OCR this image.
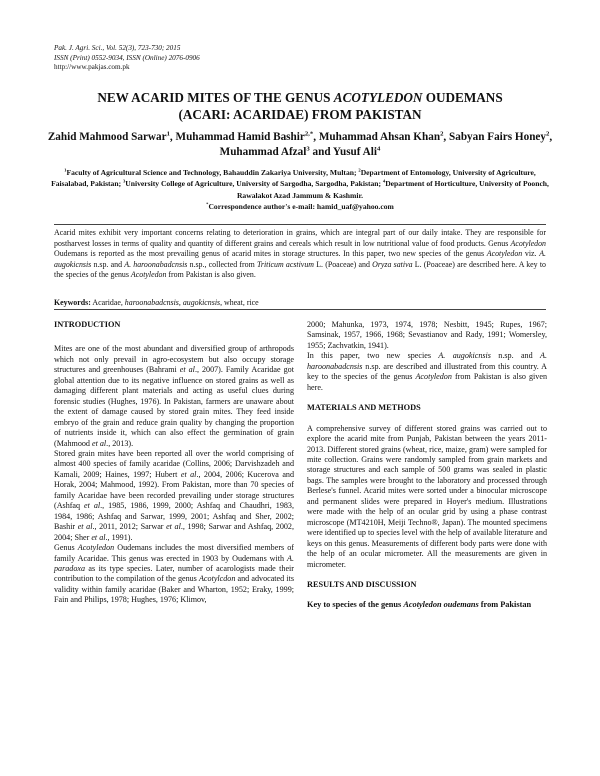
Pak. J. Agri. Sci., Vol. 52(3), 723-730; 2015
ISSN (Print) 0552-9034, ISSN (Online) 2076-0906
http://www.pakjas.com.pk
NEW ACARID MITES OF THE GENUS ACOTYLEDON OUDEMANS
(ACARI: ACARIDAE) FROM PAKISTAN
Zahid Mahmood Sarwar$^1$, Muhammad Hamid Bashir$^{2,*}$, Muhammad Ahsan Khan$^2$, Sabyan Fairs Honey$^2$, Muhammad Afzal$^3$ and Yusuf Ali$^4$
$^1$Faculty of Agricultural Science and Technology, Bahauddin Zakariya University, Multan; $^2$Department of Entomology, University of Agriculture, Faisalabad, Pakistan; $^3$University College of Agriculture, University of Sargodha, Sargodha, Pakistan; $^4$Department of Horticulture, University of Poonch, Rawalakot Azad Jammum & Kashmir.
*Correspondence author's e-mail: hamid_uaf@yahoo.com
Acarid mites exhibit very important concerns relating to deterioration in grains, which are integral part of our daily intake. They are responsible for postharvest losses in terms of quality and quantity of different grains and cereals which result in low nutritional value of food products. Genus Acotyledon Oudemans is reported as the most prevailing genus of acarid mites in storage structures. In this paper, two new species of the genus Acotyledon viz. A. augokicnsis n.sp. and A. haroonabadcnsis n.sp., collected from Triticum acstivum L. (Poaceae) and Oryza sativa L. (Poaceae) are described here. A key to the species of the genus Acotyledon from Pakistan is also given.
Keywords: Acaridae, haroonabadcnsis, augokicnsis, wheat, rice

INTRODUCTION

Mites are one of the most abundant and diversified group of arthropods which not only prevail in agro-ecosystem but also occupy storage structures and greenhouses (Bahrami et al., 2007). Family Acaridae got global attention due to its negative influence on stored grains as well as damaging different plant materials and acting as useful clues during forensic studies (Hughes, 1976). In Pakistan, farmers are unaware about the extent of damage caused by stored grain mites. They feed inside embryo of the grain and reduce grain quality by changing the proportion of nutrients inside it, which can also effect the germination of grain (Mahmood et al., 2013).

Stored grain mites have been reported all over the world comprising of almost 400 species of family acaridae (Collins, 2006; Darvishzadeh and Kamali, 2009; Haines, 1997; Hubert et al., 2004, 2006; Kucerova and Horak, 2004; Mahmood, 1992). From Pakistan, more than 70 species of family Acaridae have been recorded prevailing under storage structures (Ashfaq et al., 1985, 1986, 1999, 2000; Ashfaq and Chaudhri, 1983, 1984, 1986; Ashfaq and Sarwar, 1999, 2001; Ashfaq and Sher, 2002; Bashir et al., 2011, 2012; Sarwar et al., 1998; Sarwar and Ashfaq, 2002, 2004; Sher et al., 1991).

Genus Acotyledon Oudemans includes the most diversified members of family Acaridae. This genus was erected in 1903 by Oudemans with A. paradoxa as its type species. Later, number of acarologists made their contribution to the compilation of the genus Acotylcdon and advocated its validity within family acaridae (Baker and Wharton, 1952; Eraky, 1999; Fain and Philips, 1978; Hughes, 1976; Klimov,

2000; Mahunka, 1973, 1974, 1978; Nesbitt, 1945; Rupes, 1967; Samsinak, 1957, 1966, 1968; Sevastianov and Rady, 1991; Womersley, 1955; Zachvatkin, 1941).

In this paper, two new species A. augokicnsis n.sp. and A. haroonabadcnsis n.sp. are described and illustrated from this country. A key to the species of the genus Acotyledon from Pakistan is also given here.

MATERIALS AND METHODS

A comprehensive survey of different stored grains was carried out to explore the acarid mite from Punjab, Pakistan between the years 2011-2013. Different stored grains (wheat, rice, maize, gram) were sampled for mite collection. Grains were randomly sampled from grain markets and storage structures and each sample of 500 grams was sealed in plastic bags. The samples were brought to the laboratory and processed through Berlese's funnel. Acarid mites were sorted under a binocular microscope and permanent slides were prepared in Hoyer's medium. Illustrations were made with the help of an ocular grid by using a phase contrast microscope (MT4210H, Meiji Techno®, Japan). The mounted specimens were identified up to species level with the help of available literature and keys on this genus. Measurements of different body parts were done with the help of an ocular micrometer. All the measurements are given in micrometer.

RESULTS AND DISCUSSION

Key to species of the genus Acotyledon oudemans from Pakistan
